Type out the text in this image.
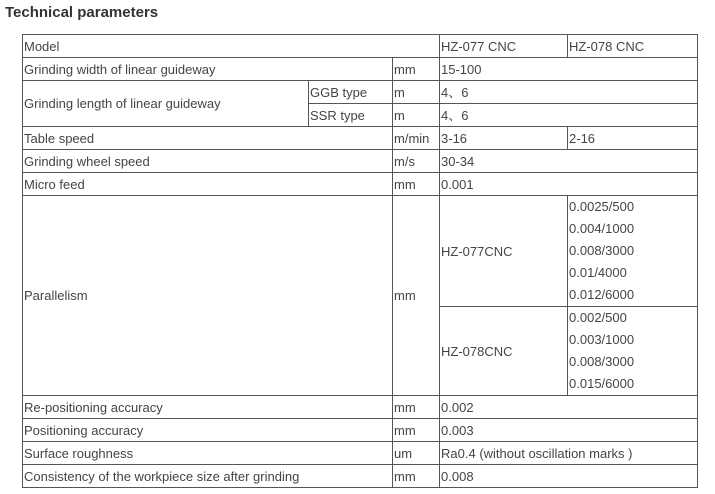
Technical parameters
Model			HZ-077 CNC	HZ-078 CNC
Grinding width of linear guideway		mm	15-100	
Grinding length of linear guideway	GGB type	m	4、6	
	SSR type	m	4、6	
Table speed		m/min	3-16	2-16
Grinding wheel speed		m/s	30-34	
Micro feed		mm	0.001	
Parallelism		mm	HZ-077CNC	0.0025/500
0.004/1000
0.008/3000
0.01/4000
0.012/6000

			HZ-078CNC	0.002/500
0.003/1000
0.008/3000
0.015/6000

Re-positioning accuracy		mm	0.002	
Positioning accuracy		mm	0.003	
Surface roughness		um	Ra0.4 (without oscillation marks )	
Consistency of the workpiece size after grinding		mm	0.008	
